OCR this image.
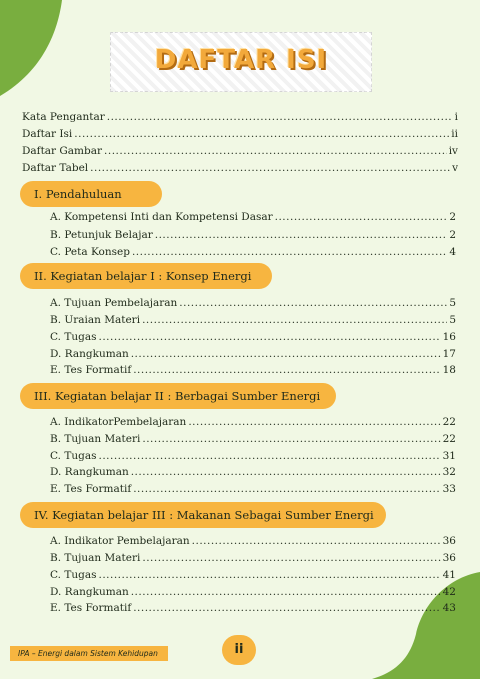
DAFTAR ISI
Kata Pengantar .....	i
Daftar Isi .....	ii
Daftar Gambar .....	iv
Daftar Tabel .....	v
I. Pendahuluan
A. Kompetensi Inti dan Kompetensi Dasar .....	2
B. Petunjuk Belajar .....	2
C. Peta Konsep .....	4
II. Kegiatan belajar I : Konsep Energi
A. Tujuan Pembelajaran .....	5
B. Uraian Materi .....	5
C. Tugas .....	16
D. Rangkuman .....	17
E. Tes Formatif .....	18
III. Kegiatan belajar II : Berbagai Sumber Energi
A. IndikatorPembelajaran .....	22
B. Tujuan Materi .....	22
C. Tugas .....	31
D. Rangkuman .....	32
E. Tes Formatif .....	33
IV. Kegiatan belajar III : Makanan Sebagai Sumber Energi
A. Indikator Pembelajaran .....	36
B. Tujuan Materi .....	36
C. Tugas .....	41
D. Rangkuman .....	42
E. Tes Formatif .....	43
IPA – Energi dalam Sistem Kehidupan	ii
